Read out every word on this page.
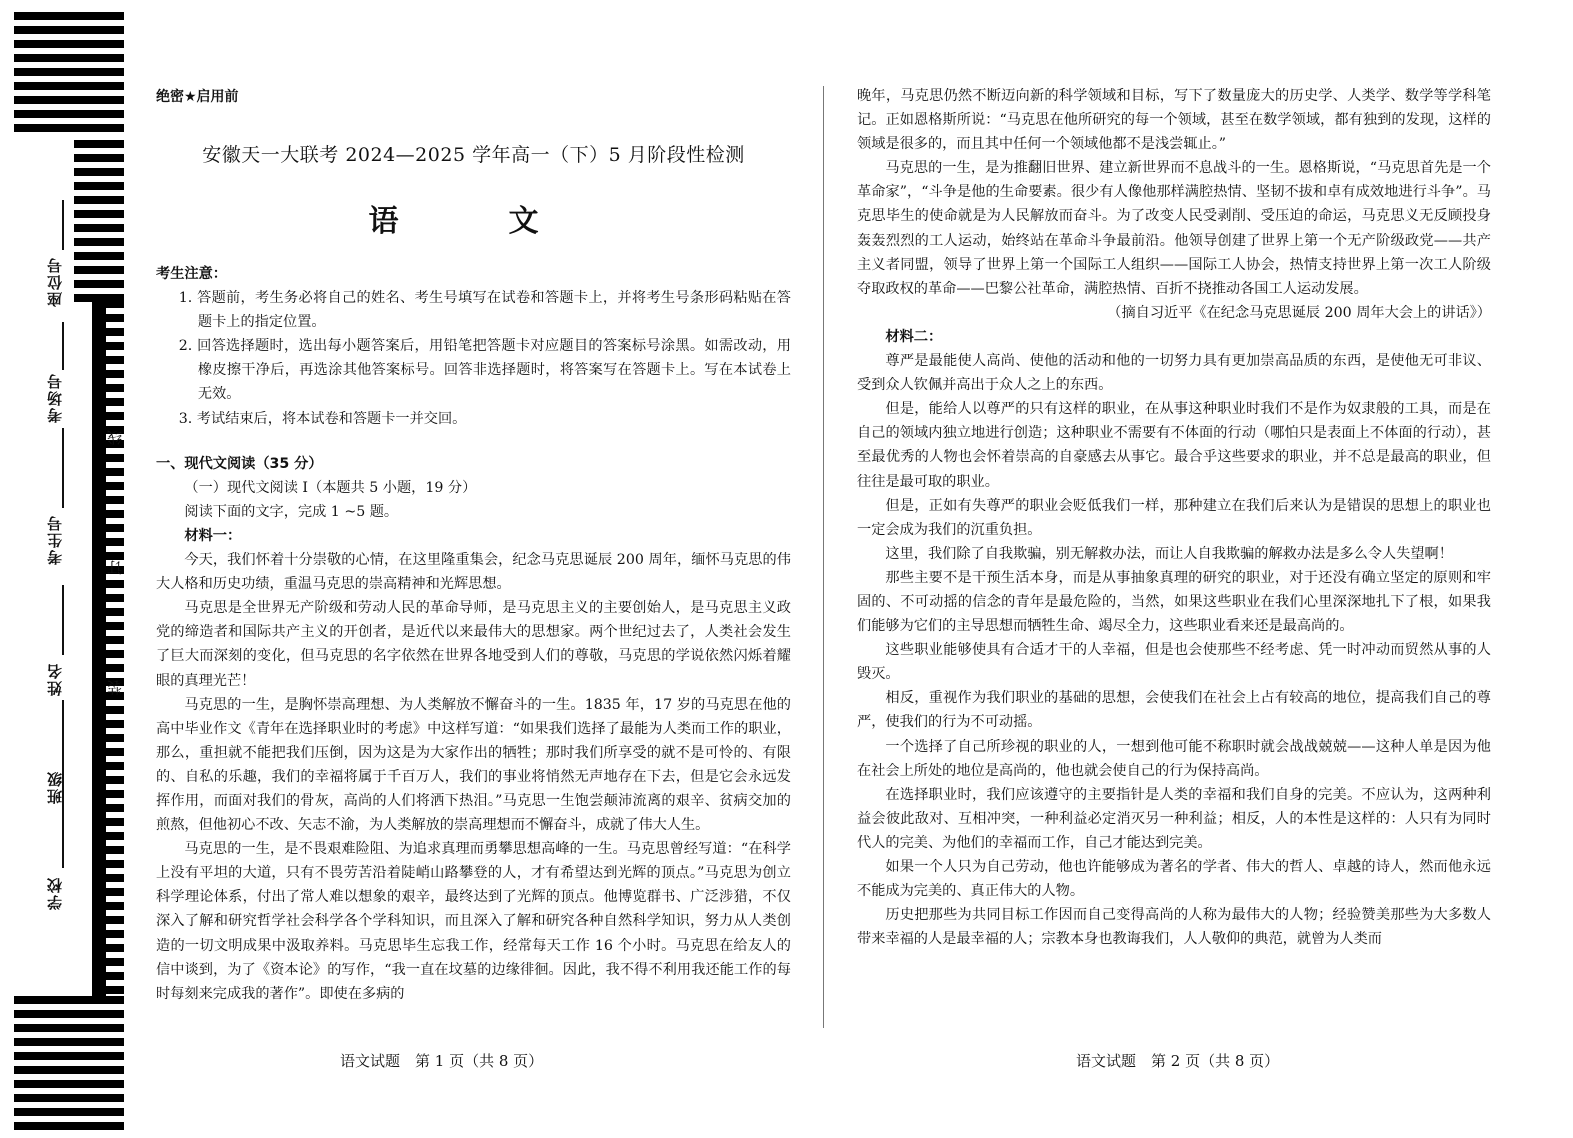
学校
班级
姓名
考生号
考场号
座位号
装
订
线
绝密★启用前
安徽天一大联考 2024—2025 学年高一（下）5 月阶段性检测
语　文

考生注意：

1. 答题前，考生务必将自己的姓名、考生号填写在试卷和答题卡上，并将考生号条形码粘贴在答题卡上的指定位置。

2. 回答选择题时，选出每小题答案后，用铅笔把答题卡对应题目的答案标号涂黑。如需改动，用橡皮擦干净后，再选涂其他答案标号。回答非选择题时，将答案写在答题卡上。写在本试卷上无效。

3. 考试结束后，将本试卷和答题卡一并交回。

一、现代文阅读（35 分）

（一）现代文阅读 Ⅰ（本题共 5 小题，19 分）

阅读下面的文字，完成 1 ~5 题。

材料一：

今天，我们怀着十分崇敬的心情，在这里隆重集会，纪念马克思诞辰 200 周年，缅怀马克思的伟大人格和历史功绩，重温马克思的崇高精神和光辉思想。

马克思是全世界无产阶级和劳动人民的革命导师，是马克思主义的主要创始人，是马克思主义政党的缔造者和国际共产主义的开创者，是近代以来最伟大的思想家。两个世纪过去了，人类社会发生了巨大而深刻的变化，但马克思的名字依然在世界各地受到人们的尊敬，马克思的学说依然闪烁着耀眼的真理光芒！

马克思的一生，是胸怀崇高理想、为人类解放不懈奋斗的一生。1835 年，17 岁的马克思在他的高中毕业作文《青年在选择职业时的考虑》中这样写道：“如果我们选择了最能为人类而工作的职业，那么，重担就不能把我们压倒，因为这是为大家作出的牺牲；那时我们所享受的就不是可怜的、有限的、自私的乐趣，我们的幸福将属于千百万人，我们的事业将悄然无声地存在下去，但是它会永远发挥作用，而面对我们的骨灰，高尚的人们将洒下热泪。”马克思一生饱尝颠沛流离的艰辛、贫病交加的煎熬，但他初心不改、矢志不渝，为人类解放的崇高理想而不懈奋斗，成就了伟大人生。

马克思的一生，是不畏艰难险阻、为追求真理而勇攀思想高峰的一生。马克思曾经写道：“在科学上没有平坦的大道，只有不畏劳苦沿着陡峭山路攀登的人，才有希望达到光辉的顶点。”马克思为创立科学理论体系，付出了常人难以想象的艰辛，最终达到了光辉的顶点。他博览群书、广泛涉猎，不仅深入了解和研究哲学社会科学各个学科知识，而且深入了解和研究各种自然科学知识，努力从人类创造的一切文明成果中汲取养料。马克思毕生忘我工作，经常每天工作 16 个小时。马克思在给友人的信中谈到，为了《资本论》的写作，“我一直在坟墓的边缘徘徊。因此，我不得不利用我还能工作的每时每刻来完成我的著作”。即使在多病的

晚年，马克思仍然不断迈向新的科学领域和目标，写下了数量庞大的历史学、人类学、数学等学科笔记。正如恩格斯所说：“马克思在他所研究的每一个领域，甚至在数学领域，都有独到的发现，这样的领域是很多的，而且其中任何一个领域他都不是浅尝辄止。”

马克思的一生，是为推翻旧世界、建立新世界而不息战斗的一生。恩格斯说，“马克思首先是一个革命家”，“斗争是他的生命要素。很少有人像他那样满腔热情、坚韧不拔和卓有成效地进行斗争”。马克思毕生的使命就是为人民解放而奋斗。为了改变人民受剥削、受压迫的命运，马克思义无反顾投身轰轰烈烈的工人运动，始终站在革命斗争最前沿。他领导创建了世界上第一个无产阶级政党——共产主义者同盟，领导了世界上第一个国际工人组织——国际工人协会，热情支持世界上第一次工人阶级夺取政权的革命——巴黎公社革命，满腔热情、百折不挠推动各国工人运动发展。

（摘自习近平《在纪念马克思诞辰 200 周年大会上的讲话》）

材料二：

尊严是最能使人高尚、使他的活动和他的一切努力具有更加崇高品质的东西，是使他无可非议、受到众人钦佩并高出于众人之上的东西。

但是，能给人以尊严的只有这样的职业，在从事这种职业时我们不是作为奴隶般的工具，而是在自己的领域内独立地进行创造；这种职业不需要有不体面的行动（哪怕只是表面上不体面的行动），甚至最优秀的人物也会怀着崇高的自豪感去从事它。最合乎这些要求的职业，并不总是最高的职业，但往往是最可取的职业。

但是，正如有失尊严的职业会贬低我们一样，那种建立在我们后来认为是错误的思想上的职业也一定会成为我们的沉重负担。

这里，我们除了自我欺骗，别无解救办法，而让人自我欺骗的解救办法是多么令人失望啊！

那些主要不是干预生活本身，而是从事抽象真理的研究的职业，对于还没有确立坚定的原则和牢固的、不可动摇的信念的青年是最危险的，当然，如果这些职业在我们心里深深地扎下了根，如果我们能够为它们的主导思想而牺牲生命、竭尽全力，这些职业看来还是最高尚的。

这些职业能够使具有合适才干的人幸福，但是也会使那些不经考虑、凭一时冲动而贸然从事的人毁灭。

相反，重视作为我们职业的基础的思想，会使我们在社会上占有较高的地位，提高我们自己的尊严，使我们的行为不可动摇。

一个选择了自己所珍视的职业的人，一想到他可能不称职时就会战战兢兢——这种人单是因为他在社会上所处的地位是高尚的，他也就会使自己的行为保持高尚。

在选择职业时，我们应该遵守的主要指针是人类的幸福和我们自身的完美。不应认为，这两种利益会彼此敌对、互相冲突，一种利益必定消灭另一种利益；相反，人的本性是这样的：人只有为同时代人的完美、为他们的幸福而工作，自己才能达到完美。

如果一个人只为自己劳动，他也许能够成为著名的学者、伟大的哲人、卓越的诗人，然而他永远不能成为完美的、真正伟大的人物。

历史把那些为共同目标工作因而自己变得高尚的人称为最伟大的人物；经验赞美那些为大多数人带来幸福的人是最幸福的人；宗教本身也教诲我们，人人敬仰的典范，就曾为人类而

语文试题　第 1 页（共 8 页）	语文试题　第 2 页（共 8 页）
